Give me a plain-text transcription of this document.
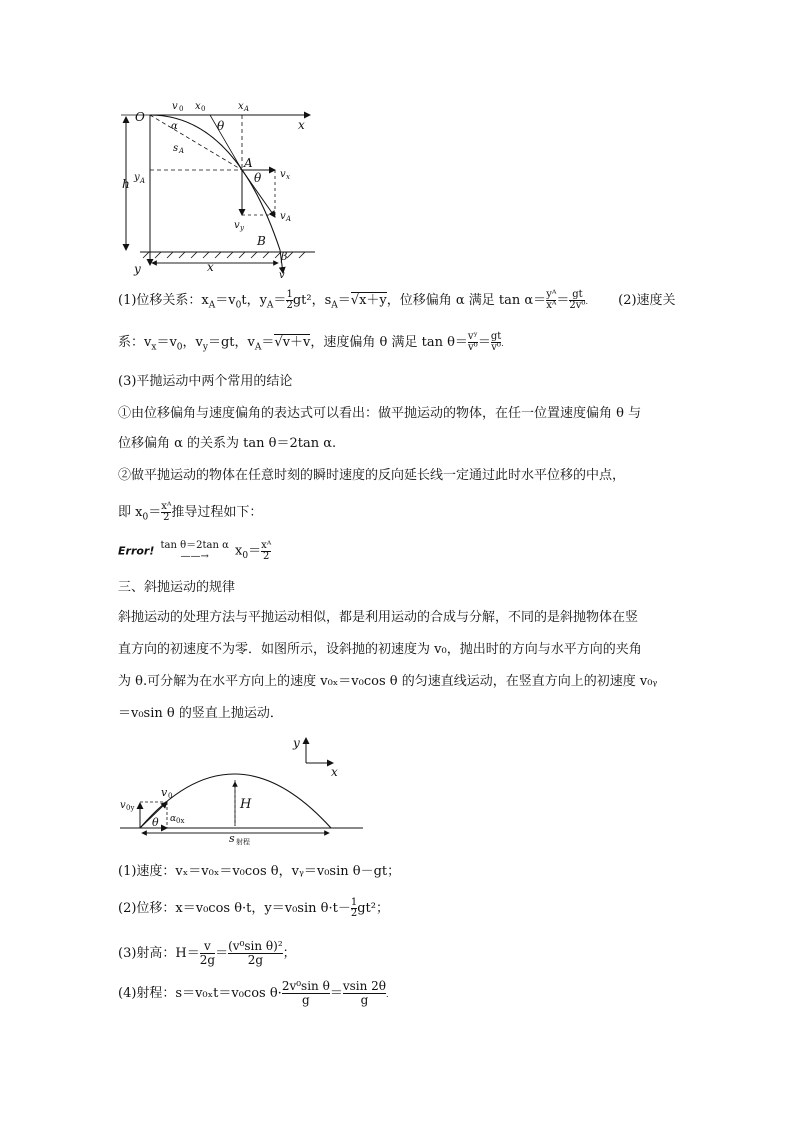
O
v 0 x 0	x A
x
α	θ
s A
A
v x
h y A	θ
v y
v A
B
β
y	x
v
(1)位移关系：$x_A=v_0t$，$y_A= \frac{1}{2} gt^2$，$s_A=√x+y$，位移偏角 α 满足 $\tan \alpha= \frac{\text{yᴬ}}{\text{xᴬ}} = \frac{gt}{\text{2v⁰}}$ . (2)速度关
系：$v_x=v_0$，$v_y=gt$，$v_A=√v+v$，速度偏角 θ 满足 $\tan \theta= \frac{\text{vʸ}}{\text{v⁰}} = \frac{gt}{\text{v⁰}}$ .
(3)平抛运动中两个常用的结论
①由位移偏角与速度偏角的表达式可以看出：做平抛运动的物体，在任一位置速度偏角 θ 与
位移偏角 α 的关系为 tan θ＝2tan α.
②做平抛运动的物体在任意时刻的瞬时速度的反向延长线一定通过此时水平位移的中点，
即 $x_0= \frac{\text{xᴬ}}{2}$ 推导过程如下：
Error! tan θ＝2tan α
——→	$x_0= \frac{\text{xᴬ}}{2}$
三、斜抛运动的规律
斜抛运动的处理方法与平抛运动相似，都是利用运动的合成与分解，不同的是斜抛物体在竖
直方向的初速度不为零．如图所示，设斜抛的初速度为 v₀，抛出时的方向与水平方向的夹角
为 θ.可分解为在水平方向上的速度 v₀ₓ＝v₀cos θ 的匀速直线运动，在竖直方向上的初速度 v₀ᵧ
＝v₀sin θ 的竖直上抛运动．
y
x
v 0y
v 0
θ α 0x
H
s 射程
(1)速度：vₓ＝v₀ₓ＝v₀cos θ，vᵧ＝v₀sin θ－gt；
(2)位移：x＝v₀cos θ·t，y＝v₀sin $\theta\cdot t- \frac{1}{2} gt^2$；
(3)射高：$H= \frac{v}{2g} = \frac{\text{(v⁰sin θ)²}}{2g}$ ；
(4)射程：s＝v₀ₓt＝v₀cos $\theta\cdot \frac{\text{2v⁰sin θ}}{g} = \frac{vsin 2\theta}{g}$ .
